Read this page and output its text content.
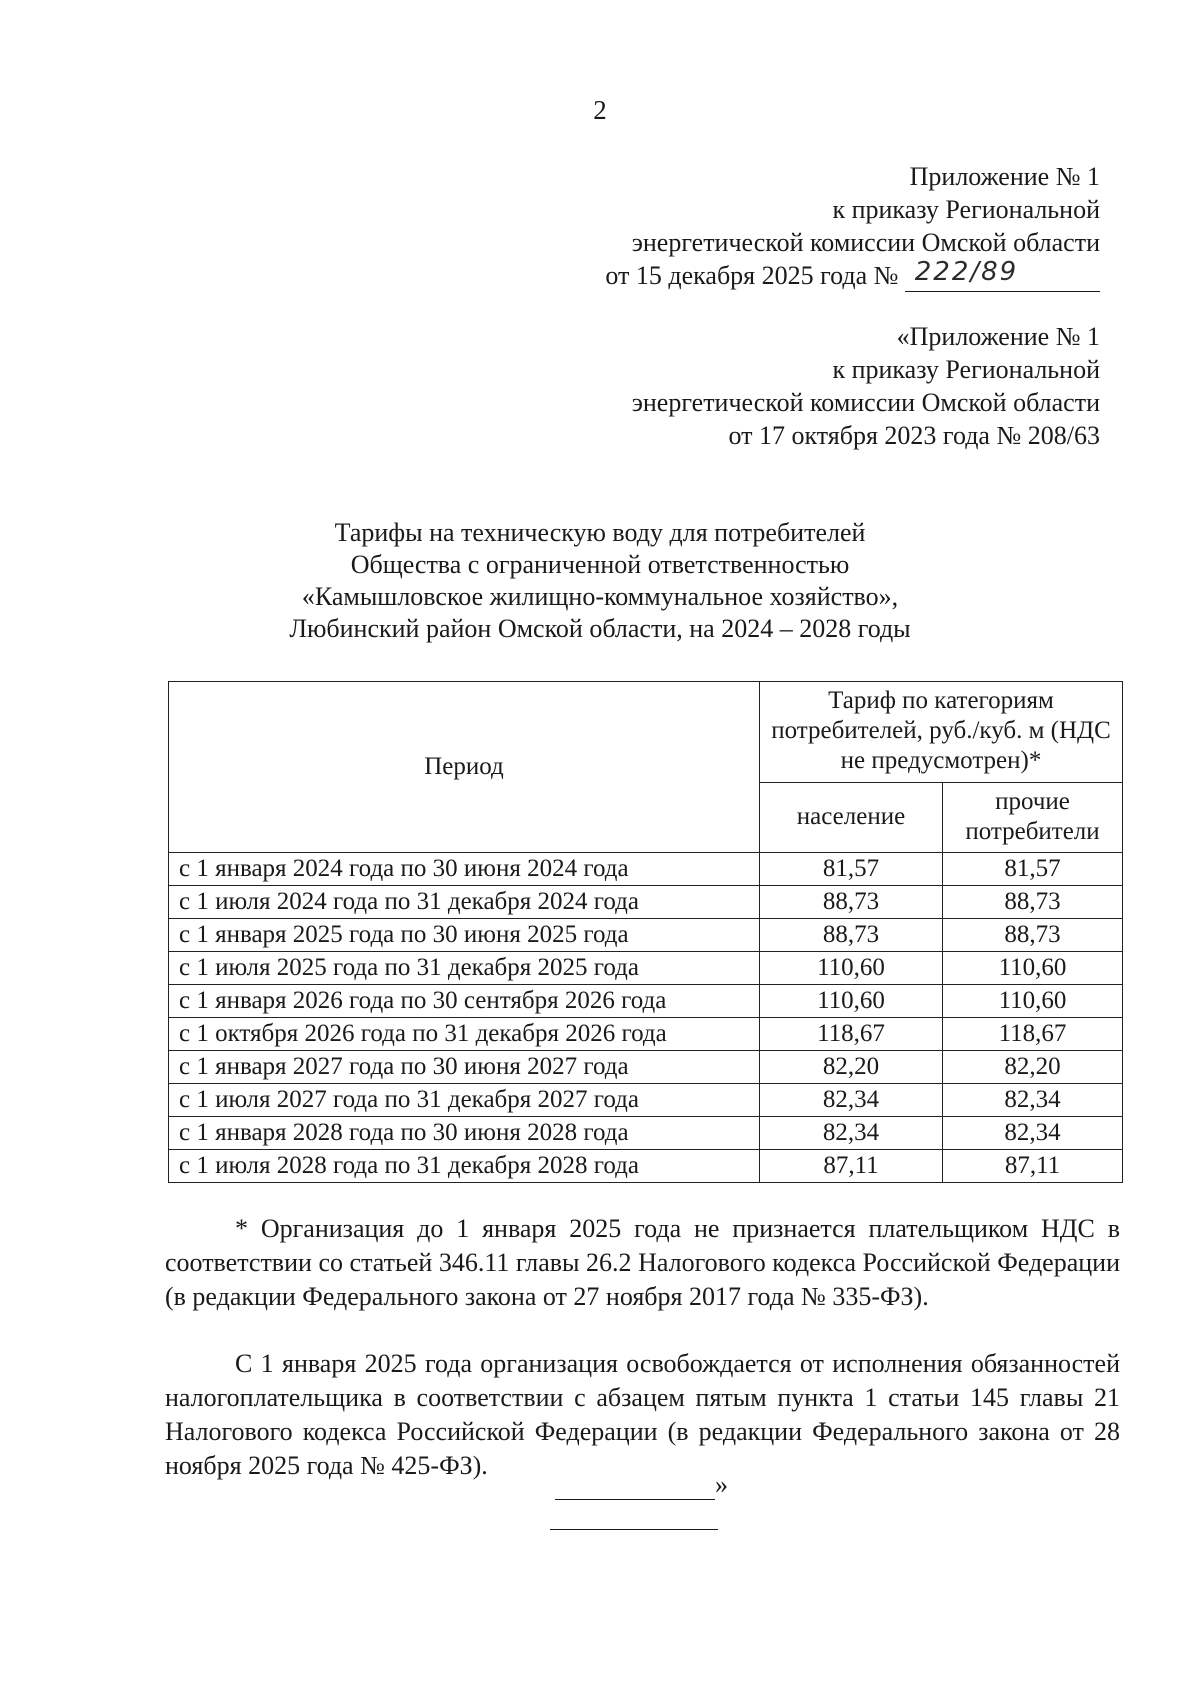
2
Приложение № 1
к приказу Региональной
энергетической комиссии Омской области
от 15 декабря 2025 года № 222/89
«Приложение № 1
к приказу Региональной
энергетической комиссии Омской области
от 17 октября 2023 года № 208/63
Тарифы на техническую воду для потребителей
Общества с ограниченной ответственностью
«Камышловское жилищно-коммунальное хозяйство»,
Любинский район Омской области, на 2024 – 2028 годы
Период	Тариф по категориям потребителей, руб./куб. м (НДС не предусмотрен)*	
	население	прочие потребители
с 1 января 2024 года по 30 июня 2024 года	81,57	81,57
с 1 июля 2024 года по 31 декабря 2024 года	88,73	88,73
с 1 января 2025 года по 30 июня 2025 года	88,73	88,73
с 1 июля 2025 года по 31 декабря 2025 года	110,60	110,60
с 1 января 2026 года по 30 сентября 2026 года	110,60	110,60
с 1 октября 2026 года по 31 декабря 2026 года	118,67	118,67
с 1 января 2027 года по 30 июня 2027 года	82,20	82,20
с 1 июля 2027 года по 31 декабря 2027 года	82,34	82,34
с 1 января 2028 года по 30 июня 2028 года	82,34	82,34
с 1 июля 2028 года по 31 декабря 2028 года	87,11	87,11

* Организация до 1 января 2025 года не признается плательщиком НДС в соответствии со статьей 346.11 главы 26.2 Налогового кодекса Российской Федерации (в редакции Федерального закона от 27 ноября 2017 года № 335-ФЗ).

С 1 января 2025 года организация освобождается от исполнения обязанностей налогоплательщика в соответствии с абзацем пятым пункта 1 статьи 145 главы 21 Налогового кодекса Российской Федерации (в редакции Федерального закона от 28 ноября 2025 года № 425-ФЗ).

»
